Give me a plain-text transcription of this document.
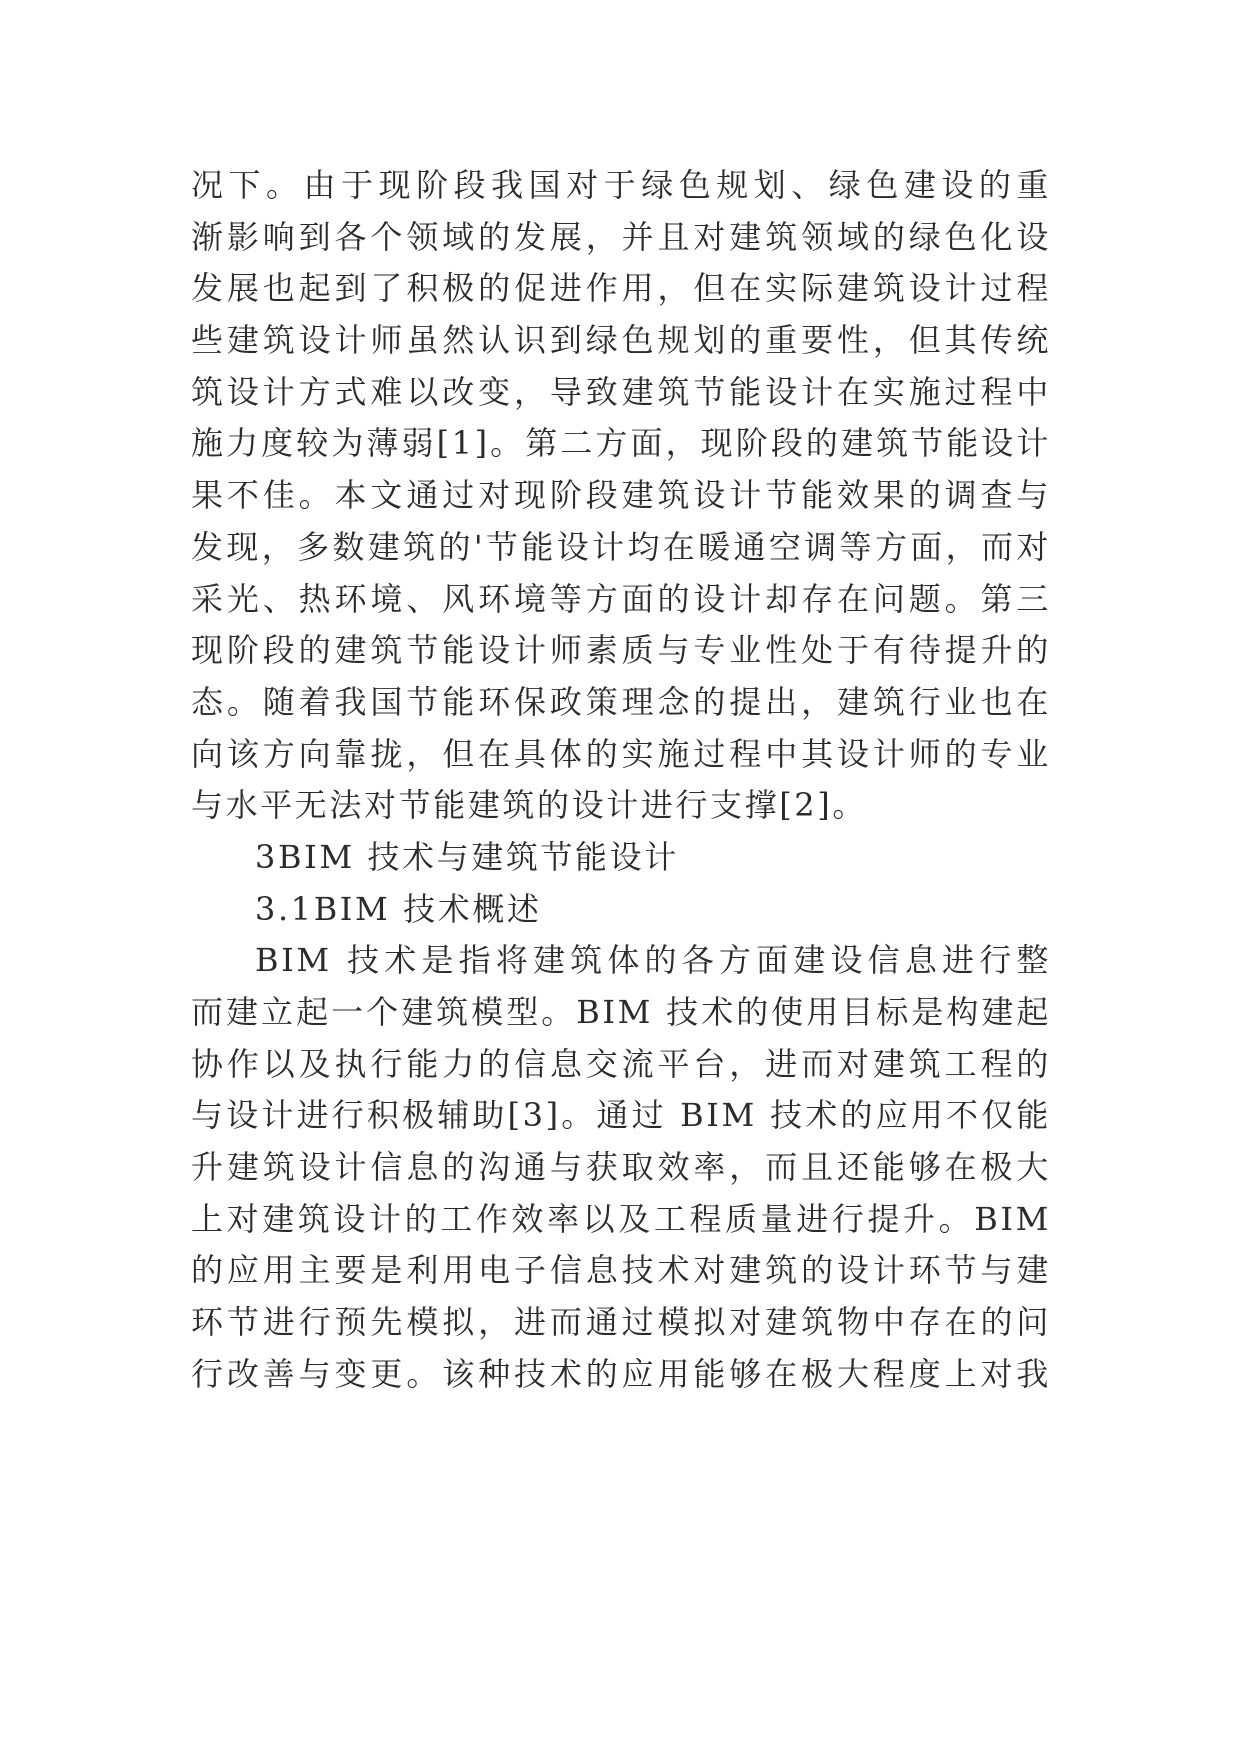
况下。由于现阶段我国对于绿色规划、绿色建设的重
渐影响到各个领域的发展，并且对建筑领域的绿色化设
发展也起到了积极的促进作用，但在实际建筑设计过程
些建筑设计师虽然认识到绿色规划的重要性，但其传统
筑设计方式难以改变，导致建筑节能设计在实施过程中
施力度较为薄弱[1]。第二方面，现阶段的建筑节能设计
果不佳。本文通过对现阶段建筑设计节能效果的调查与
发现，多数建筑的'节能设计均在暖通空调等方面，而对
采光、热环境、风环境等方面的设计却存在问题。第三
现阶段的建筑节能设计师素质与专业性处于有待提升的
态。随着我国节能环保政策理念的提出，建筑行业也在
向该方向靠拢，但在具体的实施过程中其设计师的专业
与水平无法对节能建筑的设计进行支撑[2]。
3BIM 技术与建筑节能设计
3.1BIM 技术概述
BIM 技术是指将建筑体的各方面建设信息进行整
而建立起一个建筑模型。BIM 技术的使用目标是构建起
协作以及执行能力的信息交流平台，进而对建筑工程的
与设计进行积极辅助[3]。通过 BIM 技术的应用不仅能
升建筑设计信息的沟通与获取效率，而且还能够在极大
上对建筑设计的工作效率以及工程质量进行提升。BIM
的应用主要是利用电子信息技术对建筑的设计环节与建
环节进行预先模拟，进而通过模拟对建筑物中存在的问
行改善与变更。该种技术的应用能够在极大程度上对我
